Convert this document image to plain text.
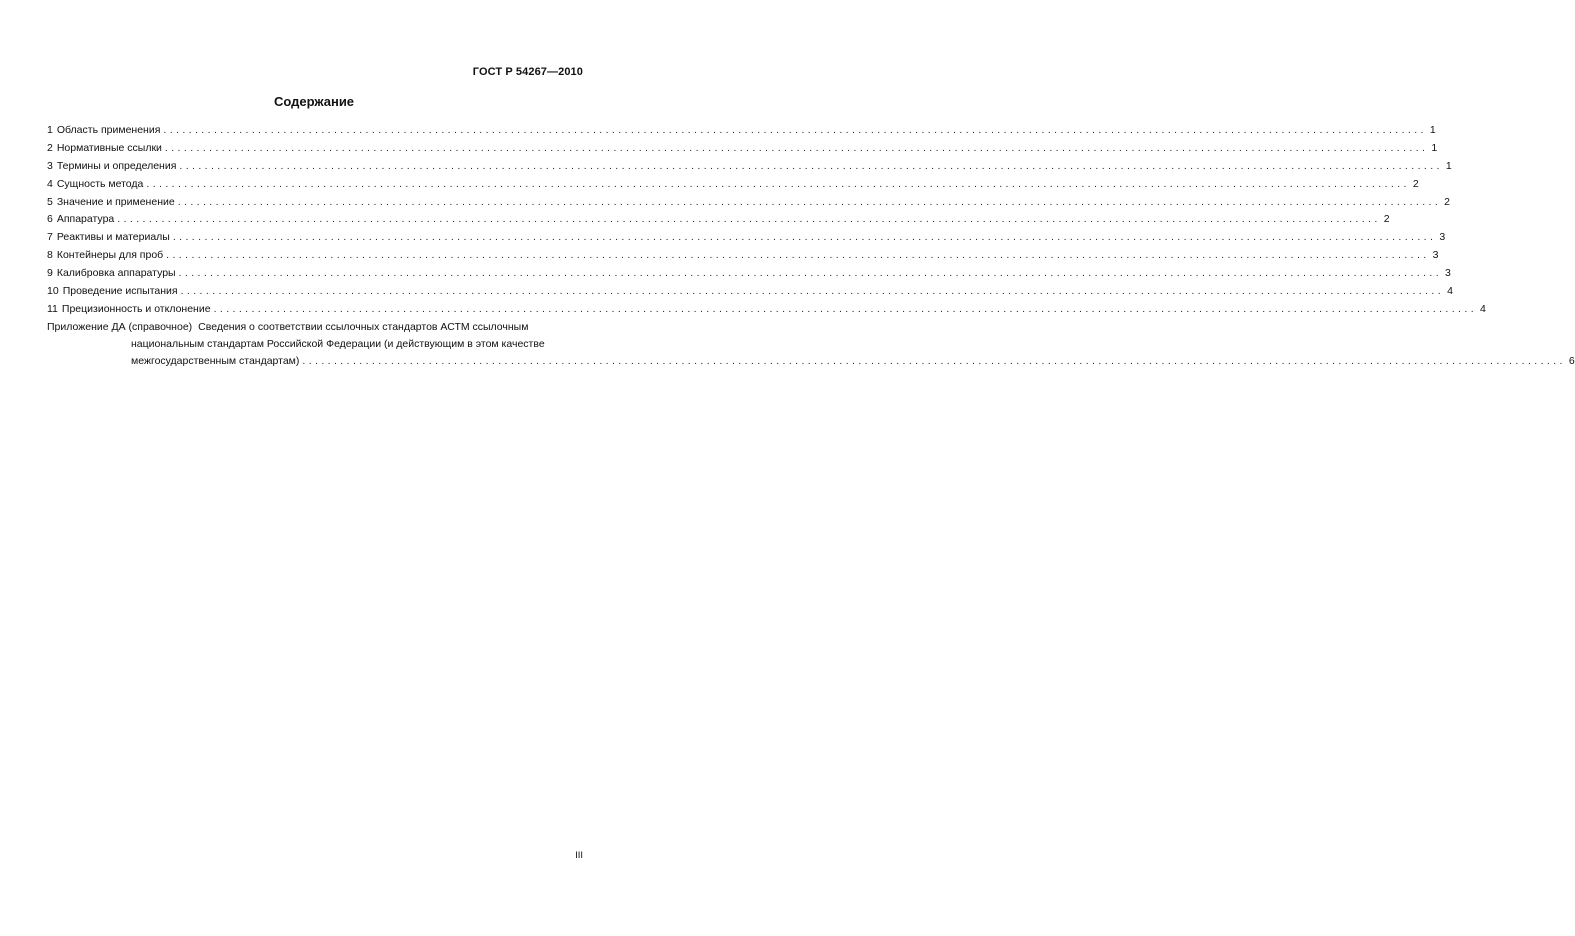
ГОСТ Р 54267—2010
Содержание
1 Область применения ........................................................................................................................................................................................................ 1
2 Нормативные ссылки ........................................................................................................................................................................................................ 1
3 Термины и определения ........................................................................................................................................................................................................ 1
4 Сущность метода ........................................................................................................................................................................................................ 2
5 Значение и применение ........................................................................................................................................................................................................ 2
6 Аппаратура ........................................................................................................................................................................................................ 2
7 Реактивы и материалы ........................................................................................................................................................................................................ 3
8 Контейнеры для проб ........................................................................................................................................................................................................ 3
9 Калибровка аппаратуры ........................................................................................................................................................................................................ 3
10 Проведение испытания ........................................................................................................................................................................................................ 4
11 Прецизионность и отклонение ........................................................................................................................................................................................................ 4
Приложение ДА (справочное) Сведения о соответствии ссылочных стандартов АСТМ ссылочным
национальным стандартам Российской Федерации (и действующим в этом качестве
межгосударственным стандартам) ........................................................................................................................................................................................................ 6
III
